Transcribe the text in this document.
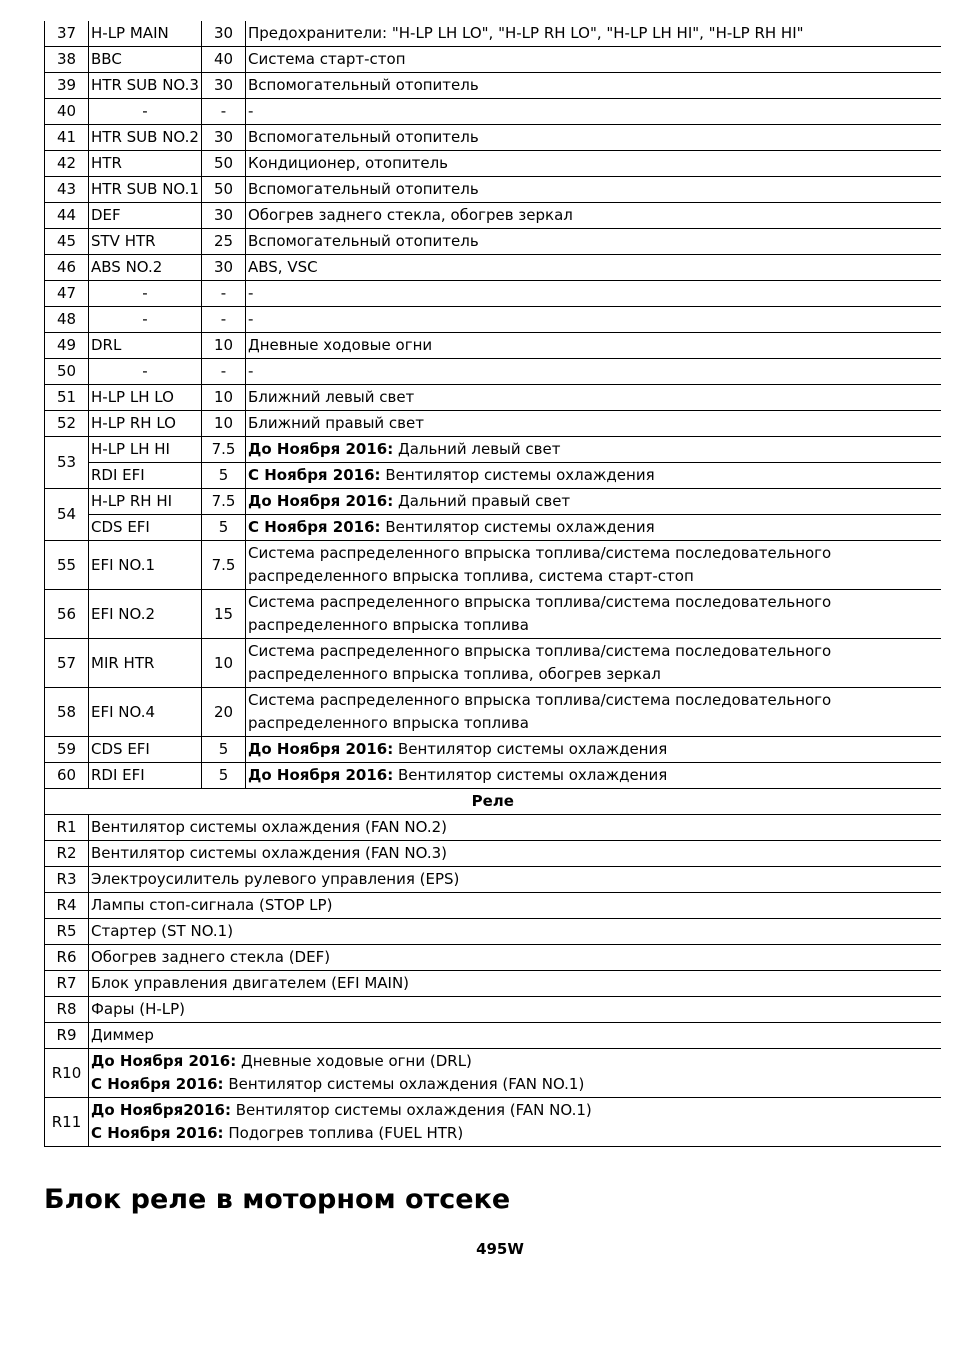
37	H-LP MAIN	30	Предохранители: "H-LP LH LO", "H-LP RH LO", "H-LP LH HI", "H-LP RH HI"
38	BBC	40	Система старт-стоп
39	HTR SUB NO.3	30	Вспомогательный отопитель
40	-	-	-
41	HTR SUB NO.2	30	Вспомогательный отопитель
42	HTR	50	Кондиционер, отопитель
43	HTR SUB NO.1	50	Вспомогательный отопитель
44	DEF	30	Обогрев заднего стекла, обогрев зеркал
45	STV HTR	25	Вспомогательный отопитель
46	ABS NO.2	30	ABS, VSC
47	-	-	-
48	-	-	-
49	DRL	10	Дневные ходовые огни
50	-	-	-
51	H-LP LH LO	10	Ближний левый свет
52	H-LP RH LO	10	Ближний правый свет
53	H-LP LH HI	7.5	До Ноября 2016: Дальний левый свет
	RDI EFI	5	С Ноября 2016: Вентилятор системы охлаждения
54	H-LP RH HI	7.5	До Ноября 2016: Дальний правый свет
	CDS EFI	5	С Ноября 2016: Вентилятор системы охлаждения
55	EFI NO.1	7.5	Система распределенного впрыска топлива/система последовательного распределенного впрыска топлива, система старт-стоп
56	EFI NO.2	15	Система распределенного впрыска топлива/система последовательного распределенного впрыска топлива
57	MIR HTR	10	Система распределенного впрыска топлива/система последовательного распределенного впрыска топлива, обогрев зеркал
58	EFI NO.4	20	Система распределенного впрыска топлива/система последовательного распределенного впрыска топлива
59	CDS EFI	5	До Ноября 2016: Вентилятор системы охлаждения
60	RDI EFI	5	До Ноября 2016: Вентилятор системы охлаждения
Реле			
R1	Вентилятор системы охлаждения (FAN NO.2)		
R2	Вентилятор системы охлаждения (FAN NO.3)		
R3	Электроусилитель рулевого управления (EPS)		
R4	Лампы стоп-сигнала (STOP LP)		
R5	Стартер (ST NO.1)		
R6	Обогрев заднего стекла (DEF)		
R7	Блок управления двигателем (EFI MAIN)		
R8	Фары (H-LP)		
R9	Диммер		
R10	До Ноября 2016: Дневные ходовые огни (DRL)
С Ноября 2016: Вентилятор системы охлаждения (FAN NO.1)		

R11	До Ноября2016: Вентилятор системы охлаждения (FAN NO.1)
С Ноября 2016: Подогрев топлива (FUEL HTR)		
Блок реле в моторном отсеке
495W
